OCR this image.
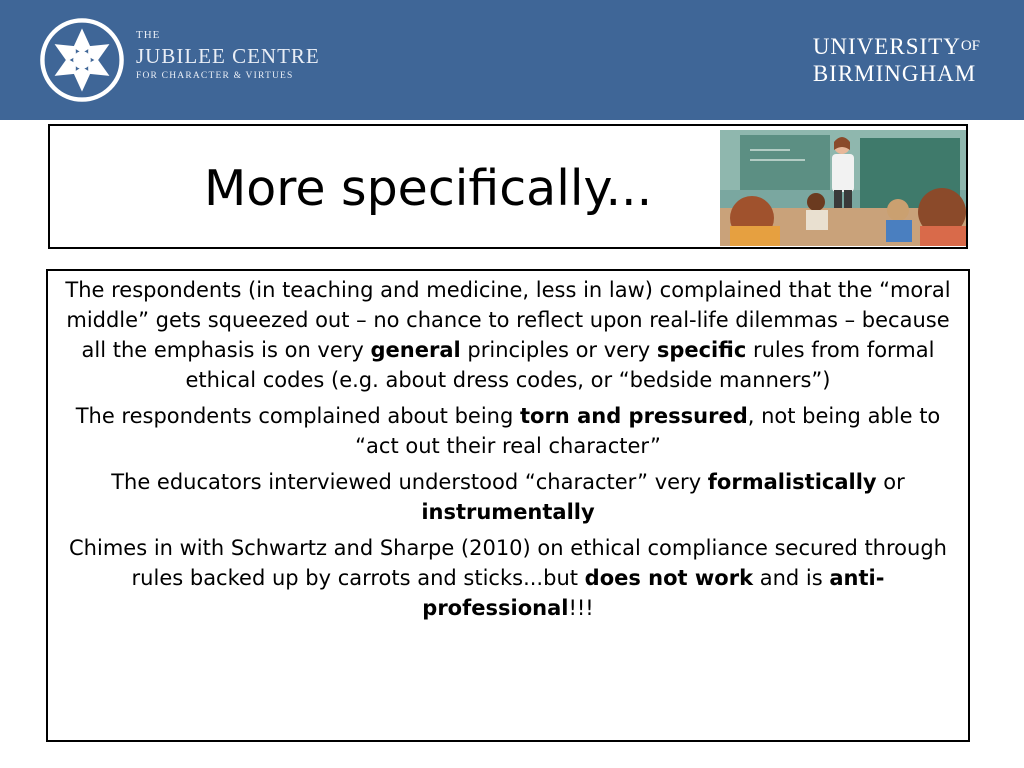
THE
JUBILEE CENTRE
FOR CHARACTER & VIRTUES
$UNIVERSITY^{OF}$
BIRMINGHAM
More specifically...

The respondents (in teaching and medicine, less in law) complained that the “moral middle” gets squeezed out – no chance to reflect upon real-life dilemmas – because all the emphasis is on very general principles or very specific rules from formal ethical codes (e.g. about dress codes, or “bedside manners”)

The respondents complained about being torn and pressured, not being able to “act out their real character”

The educators interviewed understood “character” very formalistically or instrumentally

Chimes in with Schwartz and Sharpe (2010) on ethical compliance secured through rules backed up by carrots and sticks...but does not work and is anti-professional!!!
